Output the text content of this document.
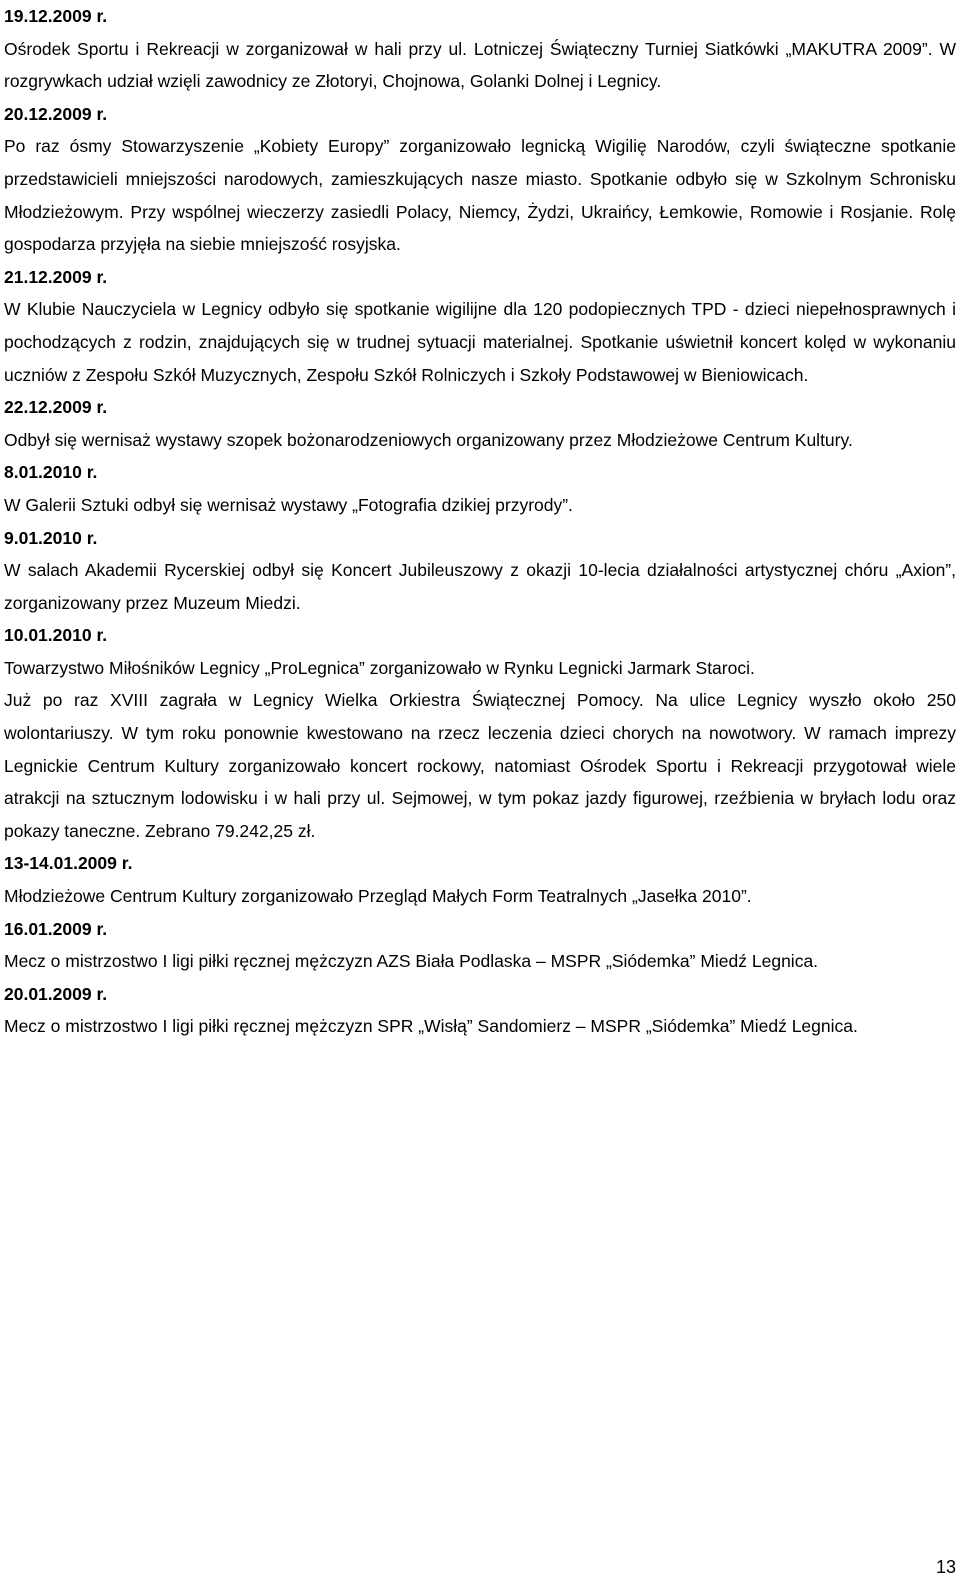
19.12.2009 r.

Ośrodek Sportu i Rekreacji w zorganizował w hali przy ul. Lotniczej Świąteczny Turniej Siatkówki „MAKUTRA 2009”. W rozgrywkach udział wzięli zawodnicy ze Złotoryi, Chojnowa, Golanki Dolnej i Legnicy.

20.12.2009 r.

Po raz ósmy Stowarzyszenie „Kobiety Europy” zorganizowało legnicką Wigilię Narodów, czyli świąteczne spotkanie przedstawicieli mniejszości narodowych, zamieszkujących nasze miasto. Spotkanie odbyło się w Szkolnym Schronisku Młodzieżowym. Przy wspólnej wieczerzy zasiedli Polacy, Niemcy, Żydzi, Ukraińcy, Łemkowie, Romowie i Rosjanie. Rolę gospodarza przyjęła na siebie mniejszość rosyjska.

21.12.2009 r.

W Klubie Nauczyciela w Legnicy odbyło się spotkanie wigilijne dla 120 podopiecznych TPD - dzieci niepełnosprawnych i pochodzących z rodzin, znajdujących się w trudnej sytuacji materialnej. Spotkanie uświetnił koncert kolęd w wykonaniu uczniów z Zespołu Szkół Muzycznych, Zespołu Szkół Rolniczych i Szkoły Podstawowej w Bieniowicach.

22.12.2009 r.

Odbył się wernisaż wystawy szopek bożonarodzeniowych organizowany przez Młodzieżowe Centrum Kultury.

8.01.2010 r.

W Galerii Sztuki odbył się wernisaż wystawy „Fotografia dzikiej przyrody”.

9.01.2010 r.

W salach Akademii Rycerskiej odbył się Koncert Jubileuszowy z okazji 10-lecia działalności artystycznej chóru „Axion”, zorganizowany przez Muzeum Miedzi.

10.01.2010 r.

Towarzystwo Miłośników Legnicy „ProLegnica” zorganizowało w Rynku Legnicki Jarmark Staroci.

Już po raz XVIII zagrała w Legnicy Wielka Orkiestra Świątecznej Pomocy. Na ulice Legnicy wyszło około 250 wolontariuszy. W tym roku ponownie kwestowano na rzecz leczenia dzieci chorych na nowotwory. W ramach imprezy Legnickie Centrum Kultury zorganizowało koncert rockowy, natomiast Ośrodek Sportu i Rekreacji przygotował wiele atrakcji na sztucznym lodowisku i w hali przy ul. Sejmowej, w tym pokaz jazdy figurowej, rzeźbienia w bryłach lodu oraz pokazy taneczne. Zebrano 79.242,25 zł.

13-14.01.2009 r.

Młodzieżowe Centrum Kultury zorganizowało Przegląd Małych Form Teatralnych „Jasełka 2010”.

16.01.2009 r.

Mecz o mistrzostwo I ligi piłki ręcznej mężczyzn AZS Biała Podlaska – MSPR „Siódemka” Miedź Legnica.

20.01.2009 r.

Mecz o mistrzostwo I ligi piłki ręcznej mężczyzn SPR „Wisłą” Sandomierz – MSPR „Siódemka” Miedź Legnica.

13
